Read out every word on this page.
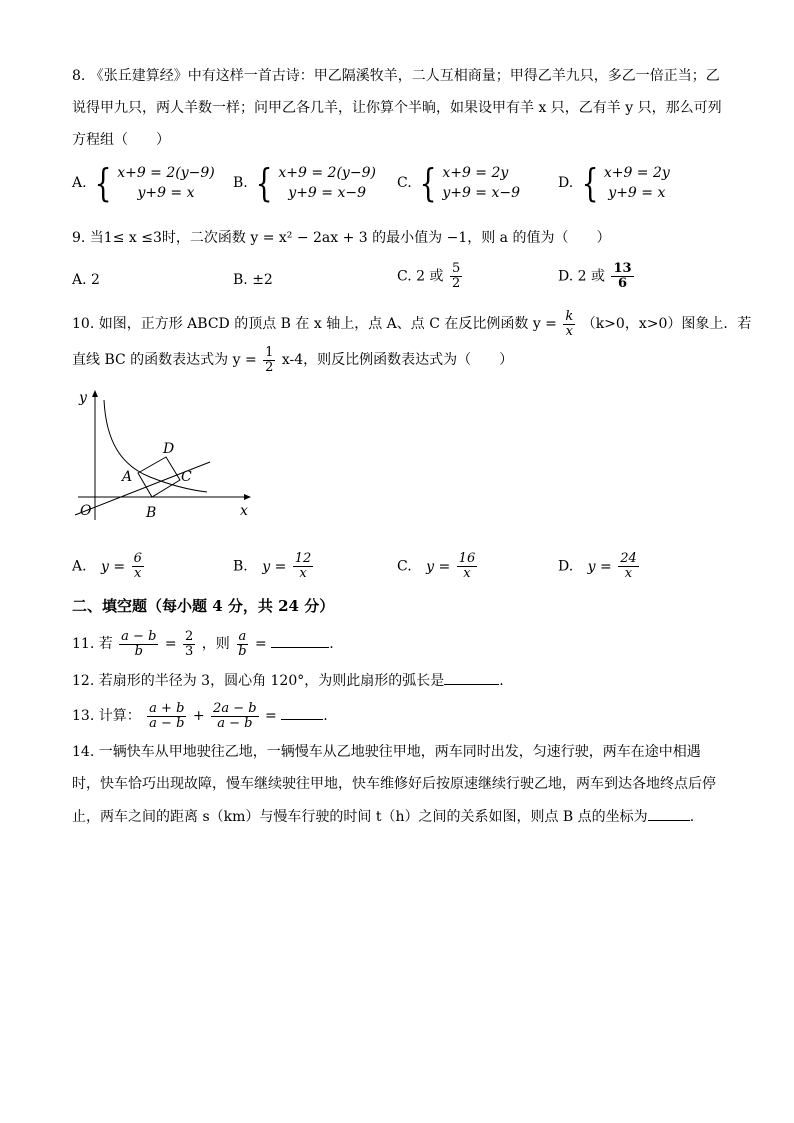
8. 《张丘建算经》中有这样一首古诗：甲乙隔溪牧羊，二人互相商量；甲得乙羊九只，多乙一倍正当；乙
说得甲九只，两人羊数一样；问甲乙各几羊，让你算个半晌，如果设甲有羊 x 只，乙有羊 y 只，那么可列
方程组（　　）
A. { x+9 = 2(y−9)
y+9 = x
B. { x+9 = 2(y−9)
y+9 = x−9
C. { x+9 = 2y
y+9 = x−9
D. { x+9 = 2y
y+9 = x
9. 当1≤ x ≤3时，二次函数 y = x² − 2ax + 3 的最小值为 −1，则 a 的值为（　　）
A. 2	B. ±2	C. 2 或 $\frac{5}{2}$	D. 2 或 $\frac{13}{6}$
10. 如图，正方形 ABCD 的顶点 B 在 x 轴上，点 A、点 C 在反比例函数 $y = \frac{k}{x} (k>0$，x>0）图象上．若
直线 BC 的函数表达式为 $y = \frac{1}{2} x-4$，则反比例函数表达式为（　　）
y
x
O
A
B
C
D
A. $y = \frac{6}{x}$	B. $y = \frac{12}{x}$	C. $y = \frac{16}{x}$	D. $y = \frac{24}{x}$
二、填空题（每小题 4 分，共 24 分）
11. 若 $\frac{a - b}{b} = \frac{2}{3}$ ，则 $\frac{a}{b}$ =	.
12. 若扇形的半径为 3，圆心角 120°，为则此扇形的弧长是	.
13. 计算： $\frac{a + b}{a - b} + \frac{2a - b}{a - b}$ =	.
14. 一辆快车从甲地驶往乙地，一辆慢车从乙地驶往甲地，两车同时出发，匀速行驶，两车在途中相遇
时，快车恰巧出现故障，慢车继续驶往甲地，快车维修好后按原速继续行驶乙地，两车到达各地终点后停
止，两车之间的距离 s（km）与慢车行驶的时间 t（h）之间的关系如图，则点 B 点的坐标为	.
